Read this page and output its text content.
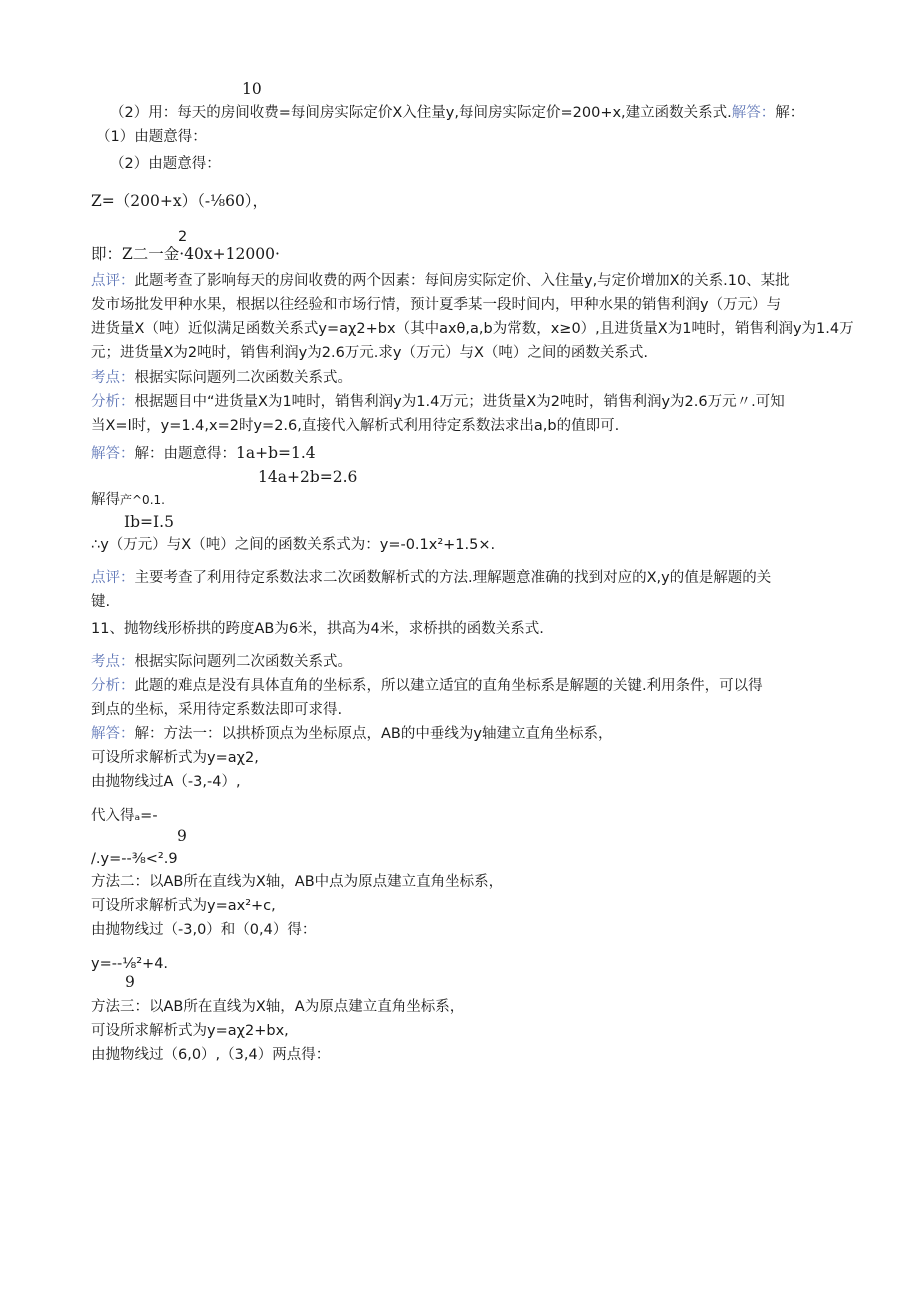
10
（2）用：每天的房间收费=每间房实际定价X入住量y,每间房实际定价=200+x,建立函数关系式.解答：解：
（1）由题意得：
（2）由题意得：
Z=（200+x）（-⅛60），
2
即：Z二一金·40x+12000·
点评：此题考查了影响每天的房间收费的两个因素：每间房实际定价、入住量y,与定价增加X的关系.10、某批
发市场批发甲种水果，根据以往经验和市场行情，预计夏季某一段时间内，甲种水果的销售利润y（万元）与
进货量X（吨）近似满足函数关系式y=aχ2+bx（其中axθ,a,b为常数，x≥0）,且进货量X为1吨时，销售利润y为1.4万
元；进货量X为2吨时，销售利润y为2.6万元.求y（万元）与X（吨）之间的函数关系式.
考点：根据实际问题列二次函数关系式。
分析：根据题目中“进货量X为1吨时，销售利润y为1.4万元；进货量X为2吨时，销售利润y为2.6万元〃.可知
当X=l时，y=1.4,x=2时y=2.6,直接代入解析式利用待定系数法求出a,b的值即可.
解答：解：由题意得：1a+b=1.4
14a+2b=2.6
解得产^0.1.
Ib=I.5
∴y（万元）与X（吨）之间的函数关系式为：y=-0.1x²+1.5×.
点评：主要考查了利用待定系数法求二次函数解析式的方法.理解题意准确的找到对应的X,y的值是解题的关
键.
11、抛物线形桥拱的跨度AB为6米，拱高为4米，求桥拱的函数关系式.
考点：根据实际问题列二次函数关系式。
分析：此题的难点是没有具体直角的坐标系，所以建立适宜的直角坐标系是解题的关键.利用条件，可以得
到点的坐标，采用待定系数法即可求得.
解答：解：方法一：以拱桥顶点为坐标原点，AB的中垂线为y轴建立直角坐标系，
可设所求解析式为y=aχ2,
由抛物线过A（-3,-4）,
代入得ₐ=-
9
/.y=--⅜<².9
方法二：以AB所在直线为X轴，AB中点为原点建立直角坐标系，
可设所求解析式为y=ax²+c,
由抛物线过（-3,0）和（0,4）得：
y=--⅛²+4.
9
方法三：以AB所在直线为X轴，A为原点建立直角坐标系，
可设所求解析式为y=aχ2+bx,
由抛物线过（6,0）,（3,4）两点得：
